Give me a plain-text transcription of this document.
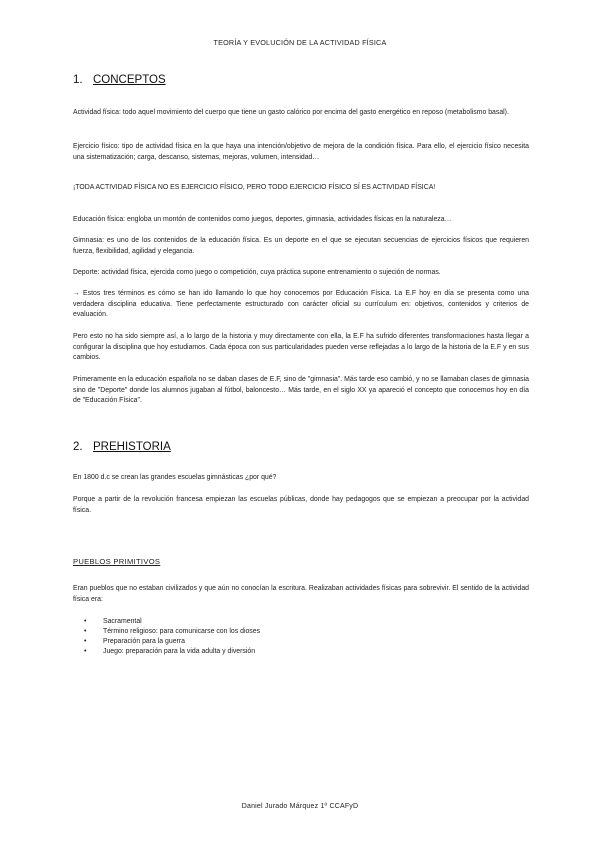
TEORÍA Y EVOLUCIÓN DE LA ACTIVIDAD FÍSICA
1. CONCEPTOS

Actividad física: todo aquel movimiento del cuerpo que tiene un gasto calórico por encima del gasto energético en reposo (metabolismo basal).

Ejercicio físico: tipo de actividad física en la que haya una intención/objetivo de mejora de la condición física. Para ello, el ejercicio físico necesita una sistematización; carga, descanso, sistemas, mejoras, volumen, intensidad…

¡TODA ACTIVIDAD FÍSICA NO ES EJERCICIO FÍSICO, PERO TODO EJERCICIO FÍSICO SÍ ES ACTIVIDAD FÍSICA!

Educación física: engloba un montón de contenidos como juegos, deportes, gimnasia, actividades físicas en la naturaleza…

Gimnasia: es uno de los contenidos de la educación física. Es un deporte en el que se ejecutan secuencias de ejercicios físicos que requieren fuerza, flexibilidad, agilidad y elegancia.

Deporte: actividad física, ejercida como juego o competición, cuya práctica supone entrenamiento o sujeción de normas.

→ Estos tres términos es cómo se han ido llamando lo que hoy conocemos por Educación Física. La E.F hoy en día se presenta como una verdadera disciplina educativa. Tiene perfectamente estructurado con carácter oficial su currículum en: objetivos, contenidos y criterios de evaluación.

Pero esto no ha sido siempre así, a lo largo de la historia y muy directamente con ella, la E.F ha sufrido diferentes transformaciones hasta llegar a configurar la disciplina que hoy estudiamos. Cada época con sus particularidades pueden verse reflejadas a lo largo de la historia de la E.F y en sus cambios.

Primeramente en la educación española no se daban clases de E.F, sino de "gimnasia". Más tarde eso cambió, y no se llamaban clases de gimnasia sino de "Deporte" donde los alumnos jugaban al fútbol, baloncesto… Más tarde, en el siglo XX ya apareció el concepto que conocemos hoy en día de "Educación Física".

2. PREHISTORIA

En 1800 d.c se crean las grandes escuelas gimnásticas ¿por qué?

Porque a partir de la revolución francesa empiezan las escuelas públicas, donde hay pedagogos que se empiezan a preocupar por la actividad física.

PUEBLOS PRIMITIVOS

Eran pueblos que no estaban civilizados y que aún no conocían la escritura. Realizaban actividades físicas para sobrevivir. El sentido de la actividad física era:

• Sacramental
• Término religioso: para comunicarse con los dioses
• Preparación para la guerra
• Juego: preparación para la vida adulta y diversión
Daniel Jurado Márquez 1º CCAFyD
